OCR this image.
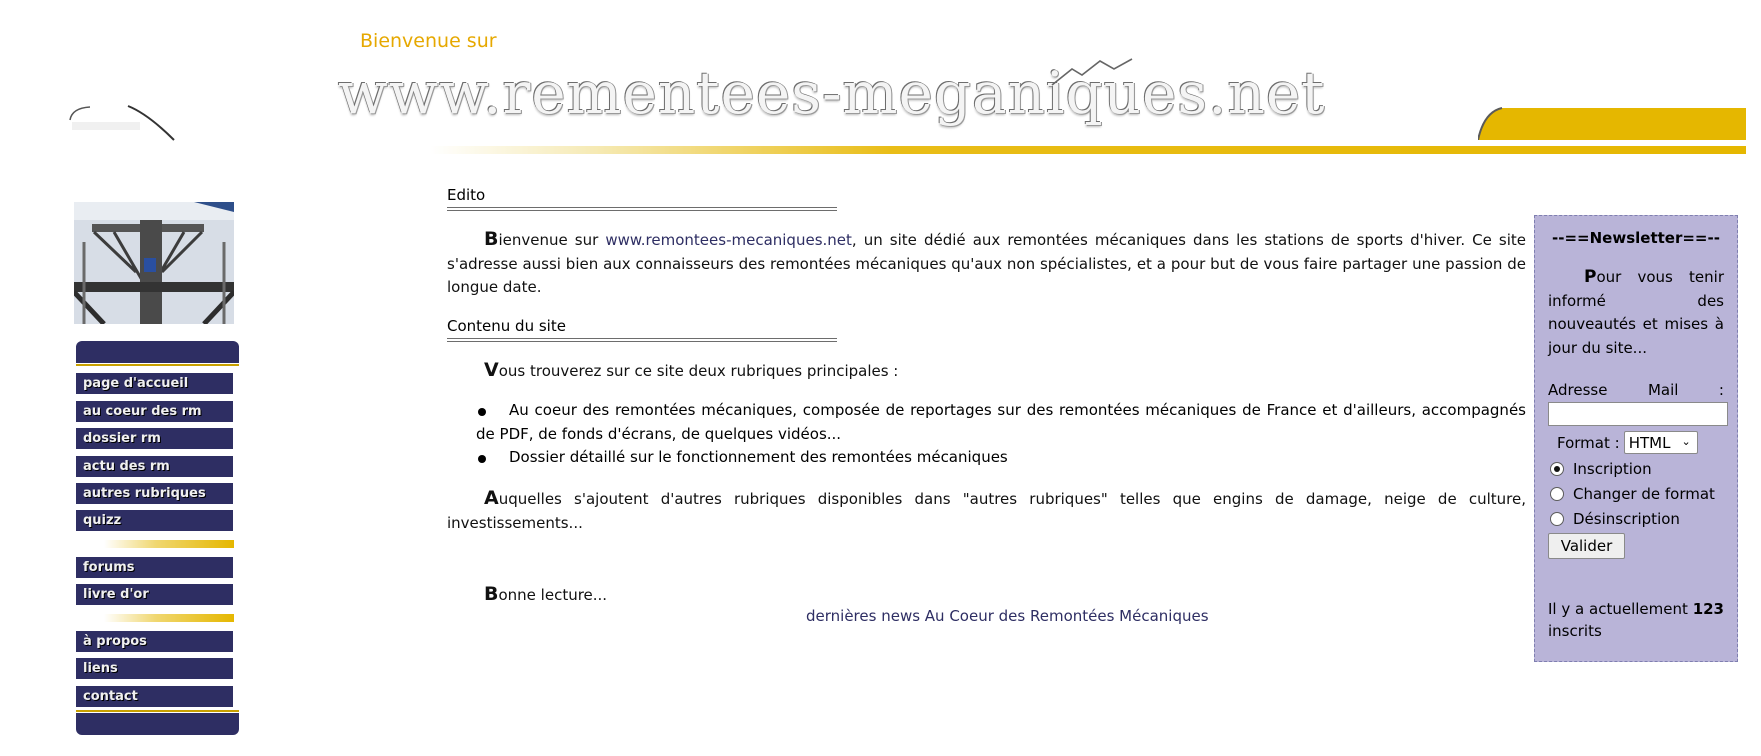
Bienvenue sur
www.rementees-meganiques.net
page d'accueil
au coeur des rm
dossier rm
actu des rm
autres rubriques
quizz
forums
livre d'or
à propos
liens
contact
Edito
Bienvenue sur www.remontees-mecaniques.net, un site dédié aux remontées mécaniques dans les stations de sports d'hiver. Ce site s'adresse aussi bien aux connaisseurs des remontées mécaniques qu'aux non spécialistes, et a pour but de vous faire partager une passion de longue date.
Contenu du site
Vous trouverez sur ce site deux rubriques principales :
Au coeur des remontées mécaniques, composée de reportages sur des remontées mécaniques de France et d'ailleurs, accompagnés de PDF, de fonds d'écrans, de quelques vidéos...
Dossier détaillé sur le fonctionnement des remontées mécaniques
Auquelles s'ajoutent d'autres rubriques disponibles dans "autres rubriques" telles que engins de damage, neige de culture, investissements...
Bonne lecture...
dernières news Au Coeur des Remontées Mécaniques
--==Newsletter==--
Pour vous tenir informé des nouveautés et mises à jour du site...
Adresse	Mail	:
Format : HTML ⌄
Inscription
Changer de format
Désinscription
Valider
Il y a actuellement 123 inscrits
